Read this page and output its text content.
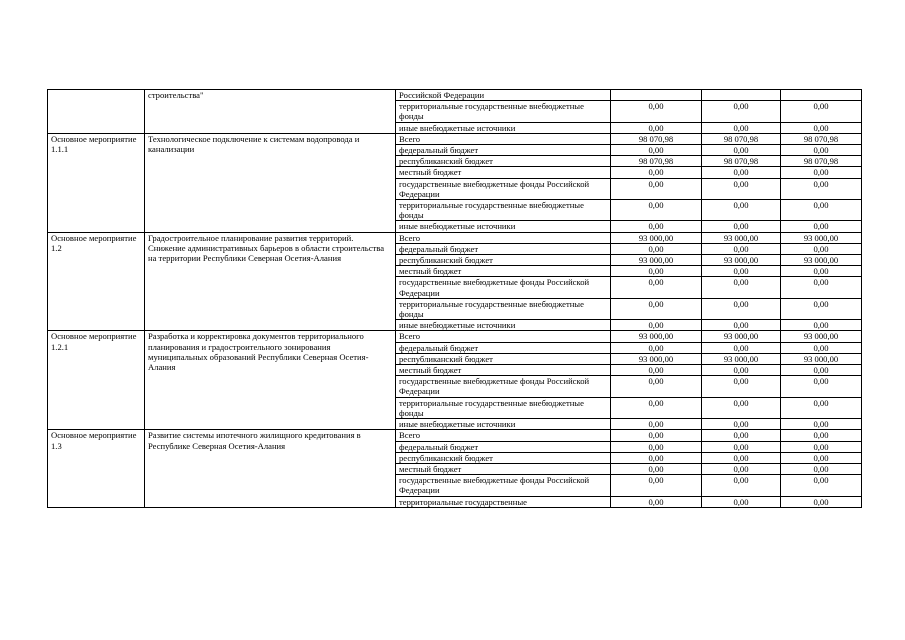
	строительства"	Российской Федерации			
		территориальные государственные внебюджетные фонды	0,00	0,00	0,00
		иные внебюджетные источники	0,00	0,00	0,00
Основное мероприятие 1.1.1	Технологическое подключение к системам водопровода и канализации	Всего	98 070,98	98 070,98	98 070,98
		федеральный бюджет	0,00	0,00	0,00
		республиканский бюджет	98 070,98	98 070,98	98 070,98
		местный бюджет	0,00	0,00	0,00
		государственные внебюджетные фонды Российской Федерации	0,00	0,00	0,00
		территориальные государственные внебюджетные фонды	0,00	0,00	0,00
		иные внебюджетные источники	0,00	0,00	0,00
Основное мероприятие 1.2	Градостроительное планирование развития территорий. Снижение административных барьеров в области строительства на территории Республики Северная Осетия-Алания	Всего	93 000,00	93 000,00	93 000,00
		федеральный бюджет	0,00	0,00	0,00
		республиканский бюджет	93 000,00	93 000,00	93 000,00
		местный бюджет	0,00	0,00	0,00
		государственные внебюджетные фонды Российской Федерации	0,00	0,00	0,00
		территориальные государственные внебюджетные фонды	0,00	0,00	0,00
		иные внебюджетные источники	0,00	0,00	0,00
Основное мероприятие 1.2.1	Разработка и корректировка документов территориального планирования и градостроительного зонирования муниципальных образований Республики Северная Осетия-Алания	Всего	93 000,00	93 000,00	93 000,00
		федеральный бюджет	0,00	0,00	0,00
		республиканский бюджет	93 000,00	93 000,00	93 000,00
		местный бюджет	0,00	0,00	0,00
		государственные внебюджетные фонды Российской Федерации	0,00	0,00	0,00
		территориальные государственные внебюджетные фонды	0,00	0,00	0,00
		иные внебюджетные источники	0,00	0,00	0,00
Основное мероприятие 1.3	Развитие системы ипотечного жилищного кредитования в Республике Северная Осетия-Алания	Всего	0,00	0,00	0,00
		федеральный бюджет	0,00	0,00	0,00
		республиканский бюджет	0,00	0,00	0,00
		местный бюджет	0,00	0,00	0,00
		государственные внебюджетные фонды Российской Федерации	0,00	0,00	0,00
		территориальные государственные	0,00	0,00	0,00
